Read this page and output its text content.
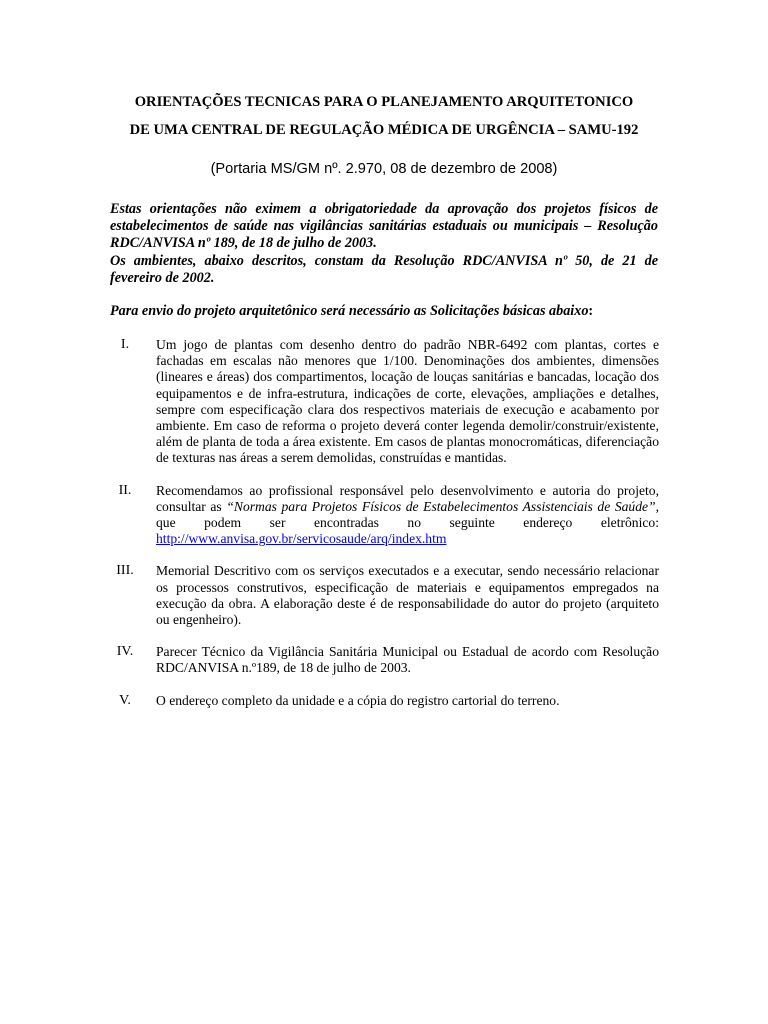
ORIENTAÇÕES TECNICAS PARA O PLANEJAMENTO ARQUITETONICO
DE UMA CENTRAL DE REGULAÇÃO MÉDICA DE URGÊNCIA – SAMU-192
(Portaria MS/GM nº. 2.970, 08 de dezembro de 2008)

Estas orientações não eximem a obrigatoriedade da aprovação dos projetos físicos de estabelecimentos de saúde nas vigilâncias sanitárias estaduais ou municipais – Resolução RDC/ANVISA nº 189, de 18 de julho de 2003.

Os ambientes, abaixo descritos, constam da Resolução RDC/ANVISA nº 50, de 21 de fevereiro de 2002.

Para envio do projeto arquitetônico será necessário as Solicitações básicas abaixo:

I.	Um jogo de plantas com desenho dentro do padrão NBR-6492 com plantas, cortes e fachadas em escalas não menores que 1/100. Denominações dos ambientes, dimensões (lineares e áreas) dos compartimentos, locação de louças sanitárias e bancadas, locação dos equipamentos e de infra-estrutura, indicações de corte, elevações, ampliações e detalhes, sempre com especificação clara dos respectivos materiais de execução e acabamento por ambiente. Em caso de reforma o projeto deverá conter legenda demolir/construir/existente, além de planta de toda a área existente. Em casos de plantas monocromáticas, diferenciação de texturas nas áreas a serem demolidas, construídas e mantidas.

II.	Recomendamos ao profissional responsável pelo desenvolvimento e autoria do projeto, consultar as “Normas para Projetos Físicos de Estabelecimentos Assistenciais de Saúde”, que podem ser encontradas no seguinte endereço eletrônico: http://www.anvisa.gov.br/servicosaude/arq/index.htm

III.	Memorial Descritivo com os serviços executados e a executar, sendo necessário relacionar os processos construtivos, especificação de materiais e equipamentos empregados na execução da obra. A elaboração deste é de responsabilidade do autor do projeto (arquiteto ou engenheiro).

IV.	Parecer Técnico da Vigilância Sanitária Municipal ou Estadual de acordo com Resolução RDC/ANVISA n.º189, de 18 de julho de 2003.

V.	O endereço completo da unidade e a cópia do registro cartorial do terreno.
